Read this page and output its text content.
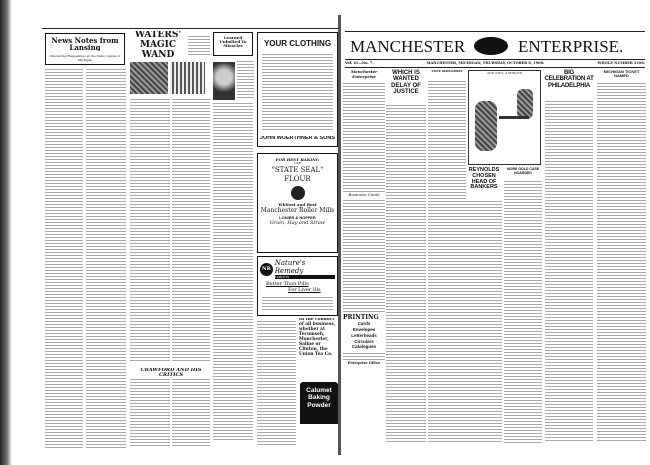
News Notes from Lansing
Interesting Happenings at the State Capital of Michigan
WATERS' MAGIC WAND
Learned Unbolted To Miracles
CRAWFORD AND HIS CRITICS
YOUR CLOTHING
JOHN WUERTHNER & SONS
FOR BEST BAKING
USE
"STATE SEAL" FLOUR
Whitest and Best
Manchester Roller Mills
LONIER & HOFFER
Grain, Hay and Straw
NR
Nature's Remedy
TABLETS
Better Than Pills
For Liver Ills
In the conduct of all business, whether at Tecumseh, Manchester, Saline or Clinton, the Union Tea Co.
Calumet Baking Powder
MANCHESTER	ENTERPRISE.
Vol. 41—No. 7.	MANCHESTER, MICHIGAN, THURSDAY, OCTOBER 8, 1908.	WHOLE NUMBER 2106.
Manchester Enterprise
Business Cards
PRINTING
Cards
Envelopes
Letterheads
Circulars
Catalogues
Enterprise Office
WHICH IS WANTED DELAY OF JUSTICE
STATE NEWS BRIEFS	AND STILL A MINUTE
REYNOLDS CHOSEN HEAD OF BANKERS
MORE GOLD CASE HOARDED
BIG CELEBRATION AT PHILADELPHIA
MICHIGAN TICKET NAMED
